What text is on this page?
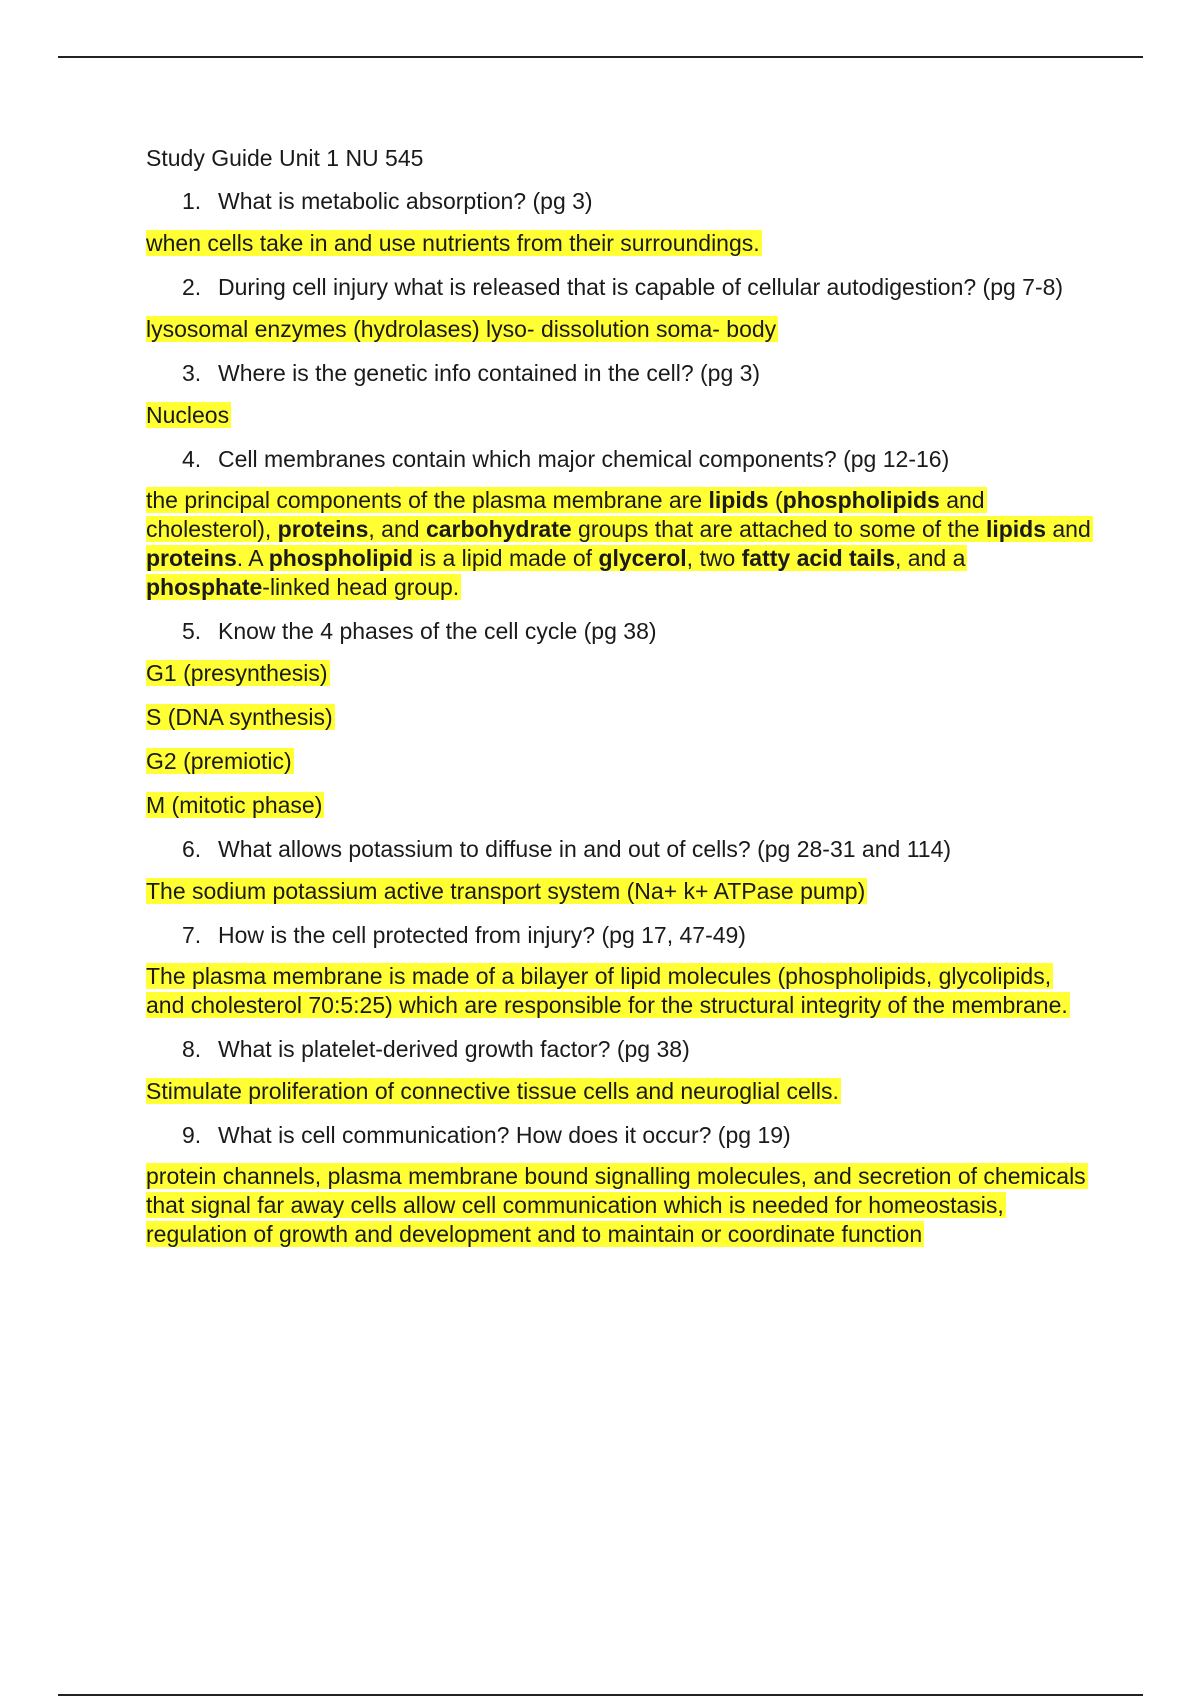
Study Guide Unit 1 NU 545

1. What is metabolic absorption? (pg 3)

when cells take in and use nutrients from their surroundings.

2. During cell injury what is released that is capable of cellular autodigestion? (pg 7-8)

lysosomal enzymes (hydrolases) lyso- dissolution soma- body

3. Where is the genetic info contained in the cell? (pg 3)

Nucleos

4. Cell membranes contain which major chemical components? (pg 12-16)

the principal components of the plasma membrane are lipids (phospholipids and cholesterol), proteins, and carbohydrate groups that are attached to some of the lipids and proteins. A phospholipid is a lipid made of glycerol, two fatty acid tails, and a phosphate-linked head group.

5. Know the 4 phases of the cell cycle (pg 38)

G1 (presynthesis)

S (DNA synthesis)

G2 (premiotic)

M (mitotic phase)

6. What allows potassium to diffuse in and out of cells? (pg 28-31 and 114)

The sodium potassium active transport system (Na+ k+ ATPase pump)

7. How is the cell protected from injury? (pg 17, 47-49)

The plasma membrane is made of a bilayer of lipid molecules (phospholipids, glycolipids, and cholesterol 70:5:25) which are responsible for the structural integrity of the membrane.

8. What is platelet-derived growth factor? (pg 38)

Stimulate proliferation of connective tissue cells and neuroglial cells.

9. What is cell communication? How does it occur? (pg 19)

protein channels, plasma membrane bound signalling molecules, and secretion of chemicals that signal far away cells allow cell communication which is needed for homeostasis, regulation of growth and development and to maintain or coordinate function
